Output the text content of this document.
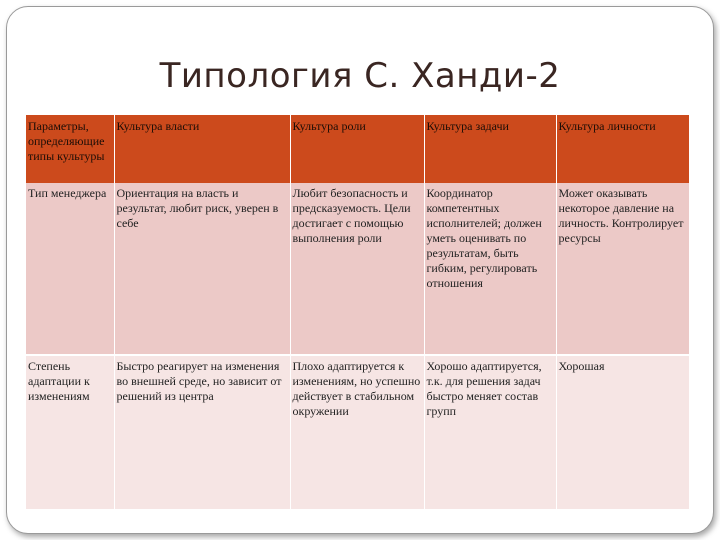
Типология С. Ханди-2
Параметры, определяющие типы культуры	Культура власти	Культура роли	Культура задачи	Культура личности
Тип менеджера	Ориентация на власть и результат, любит риск, уверен в себе	Любит безопасность и предсказуемость. Цели достигает с помощью выполнения роли	Координатор компетентных исполнителей; должен уметь оценивать по результатам, быть гибким, регулировать отношения	Может оказывать некоторое давление на личность. Контролирует ресурсы
Степень адаптации к изменениям	Быстро реагирует на изменения во внешней среде, но зависит от решений из центра	Плохо адаптируется к изменениям, но успешно действует в стабильном окружении	Хорошо адаптируется, т.к. для решения задач быстро меняет состав групп	Хорошая
